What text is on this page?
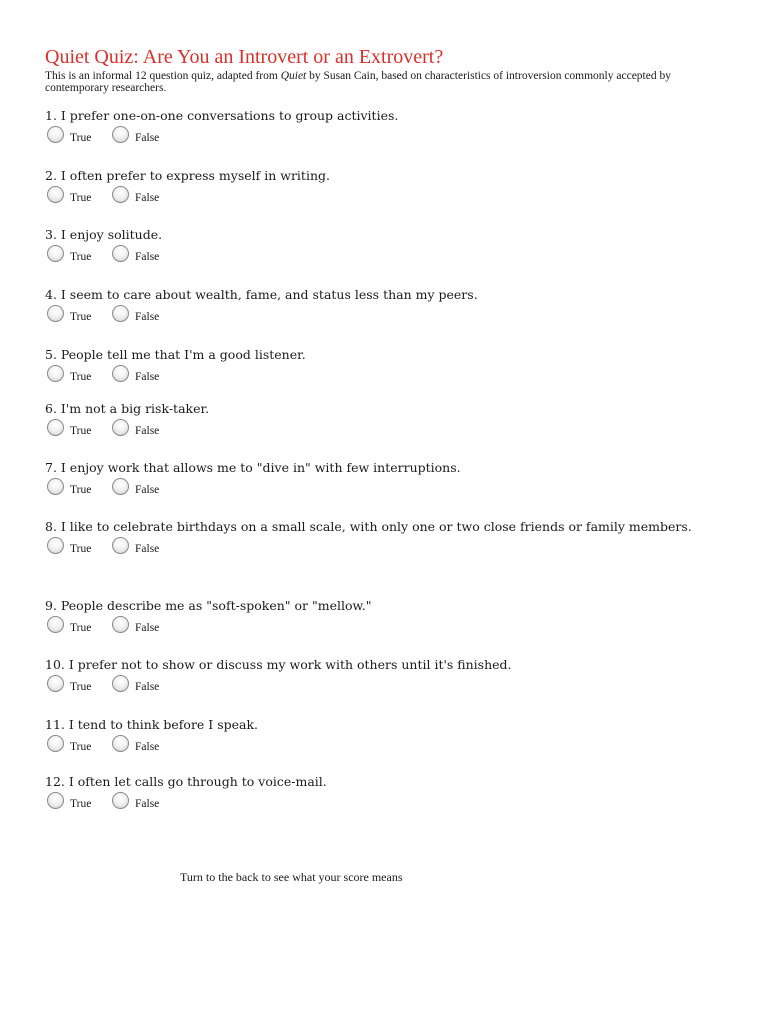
Quiet Quiz: Are You an Introvert or an Extrovert?
This is an informal 12 question quiz, adapted from Quiet by Susan Cain, based on characteristics of introversion commonly accepted by contemporary researchers.
1. I prefer one-on-one conversations to group activities.
True	False
2. I often prefer to express myself in writing.
True	False
3. I enjoy solitude.
True	False
4. I seem to care about wealth, fame, and status less than my peers.
True	False
5. People tell me that I'm a good listener.
True	False
6. I'm not a big risk-taker.
True	False
7. I enjoy work that allows me to "dive in" with few interruptions.
True	False
8. I like to celebrate birthdays on a small scale, with only one or two close friends or family members.
True	False
9. People describe me as "soft-spoken" or "mellow."
True	False
10. I prefer not to show or discuss my work with others until it's finished.
True	False
11. I tend to think before I speak.
True	False
12. I often let calls go through to voice-mail.
True	False
Turn to the back to see what your score means
